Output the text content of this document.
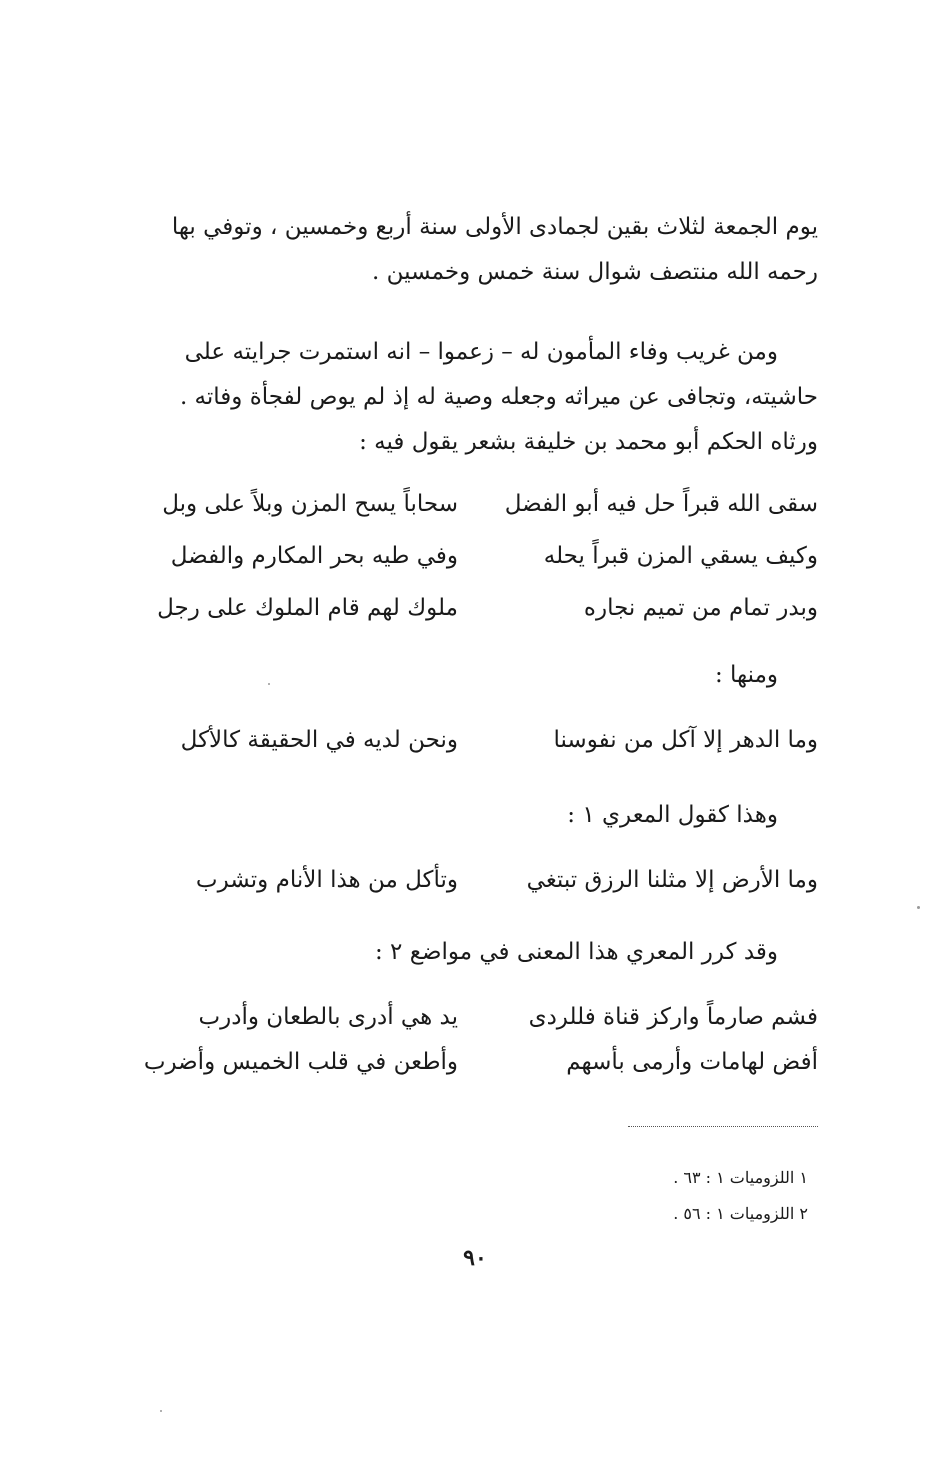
يوم الجمعة لثلاث بقين لجمادى الأولى سنة أربع وخمسين ، وتوفي بها

رحمه الله منتصف شوال سنة خمس وخمسين .

ومن غريب وفاء المأمون له – زعموا – انه استمرت جرايته على

حاشيته، وتجافى عن ميراثه وجعله وصية له إذ لم يوص لفجأة وفاته .

ورثاه الحكم أبو محمد بن خليفة بشعر يقول فيه :

سقى الله قبراً حل فيه أبو الفضل
سحاباً يسح المزن وبلاً على وبل
وكيف يسقي المزن قبراً يحله
وفي طيه بحر المكارم والفضل
وبدر تمام من تميم نجاره
ملوك لهم قام الملوك على رجل
ومنها :
وما الدهر إلا آكل من نفوسنا
ونحن لديه في الحقيقة كالأكل
وهذا كقول المعري ١ :
وما الأرض إلا مثلنا الرزق تبتغي
وتأكل من هذا الأنام وتشرب
وقد كرر المعري هذا المعنى في مواضع ٢ :
فشم صارماً واركز قناة فللردى
يد هي أدرى بالطعان وأدرب
أفض لهامات وأرمى بأسهم
وأطعن في قلب الخميس وأضرب
١ اللزوميات ١ : ٦٣ .
٢ اللزوميات ١ : ٥٦ .
٩٠
